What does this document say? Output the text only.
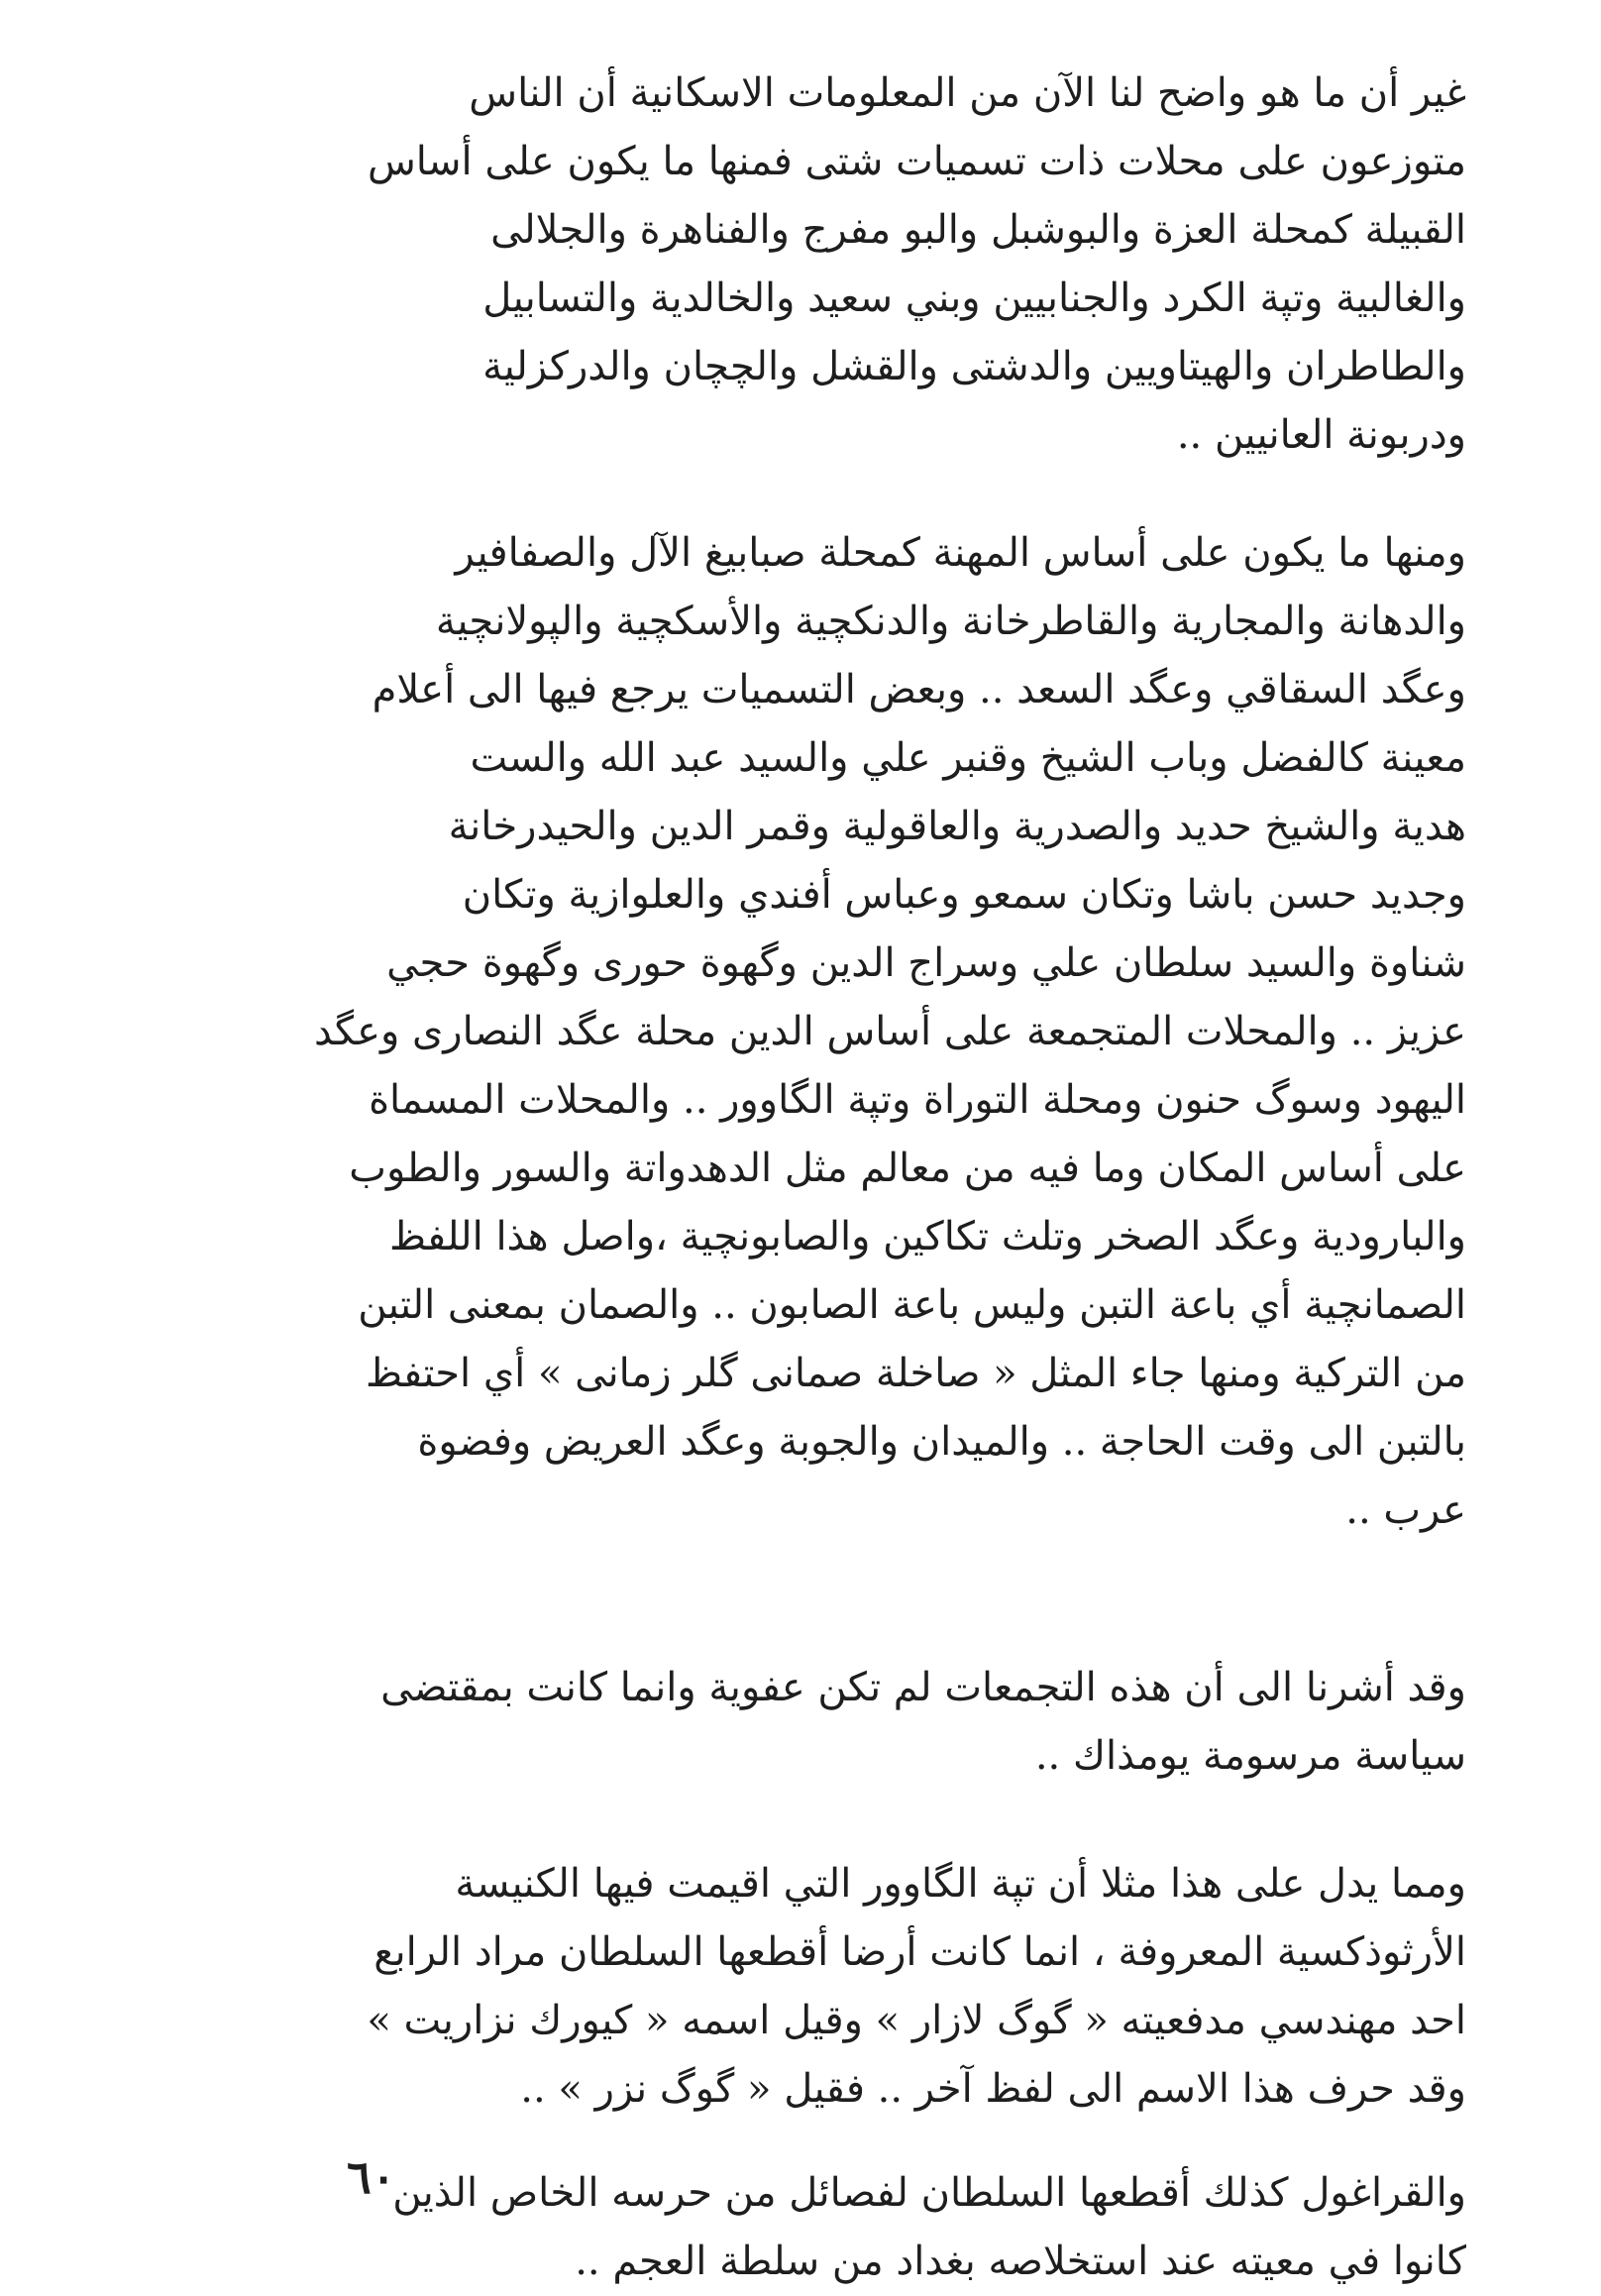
غير أن ما هو واضح لنا الآن من المعلومات الاسكانية أن الناس
متوزعون على محلات ذات تسميات شتى فمنها ما يكون على أساس
القبيلة كمحلة العزة والبوشبل والبو مفرج والفناهرة والجلالى
والغالبية وتپة الكرد والجنابيين وبني سعيد والخالدية والتسابيل
والطاطران والهيتاويين والدشتى والقشل والچچان والدركزلية
ودربونة العانيين ..
ومنها ما يكون على أساس المهنة كمحلة صبابيغ الآل والصفافير
والدهانة والمجارية والقاطرخانة والدنكچية والأسكچية والپولانچية
وعگد السقاقي وعگد السعد .. وبعض التسميات يرجع فيها الى أعلام
معينة كالفضل وباب الشيخ وقنبر علي والسيد عبد الله والست
هدية والشيخ حديد والصدرية والعاقولية وقمر الدين والحيدرخانة
وجديد حسن باشا وتكان سمعو وعباس أفندي والعلوازية وتكان
شناوة والسيد سلطان علي وسراج الدين وگهوة حورى وگهوة حجي
عزيز .. والمحلات المتجمعة على أساس الدين محلة عگد النصارى وعگد
اليهود وسوگ حنون ومحلة التوراة وتپة الگاوور .. والمحلات المسماة
على أساس المكان وما فيه من معالم مثل الدهدواتة والسور والطوب
والبارودية وعگد الصخر وتلث تكاكين والصابونچية ،واصل هذا اللفظ
الصمانچية أي باعة التبن وليس باعة الصابون .. والصمان بمعنى التبن
من التركية ومنها جاء المثل « صاخلة صمانى گلر زمانى » أي احتفظ
بالتبن الى وقت الحاجة .. والميدان والجوبة وعگد العريض وفضوة
عرب ..
وقد أشرنا الى أن هذه التجمعات لم تكن عفوية وانما كانت بمقتضى
سياسة مرسومة يومذاك ..
ومما يدل على هذا مثلا أن تپة الگاوور التي اقيمت فيها الكنيسة
الأرثوذكسية المعروفة ، انما كانت أرضا أقطعها السلطان مراد الرابع
احد مهندسي مدفعيته « گوگ لازار » وقيل اسمه « كيورك نزاريت »
وقد حرف هذا الاسم الى لفظ آخر .. فقيل « گوگ نزر » ..
والقراغول كذلك أقطعها السلطان لفصائل من حرسه الخاص الذين
كانوا في معيته عند استخلاصه بغداد من سلطة العجم ..
٦٠
